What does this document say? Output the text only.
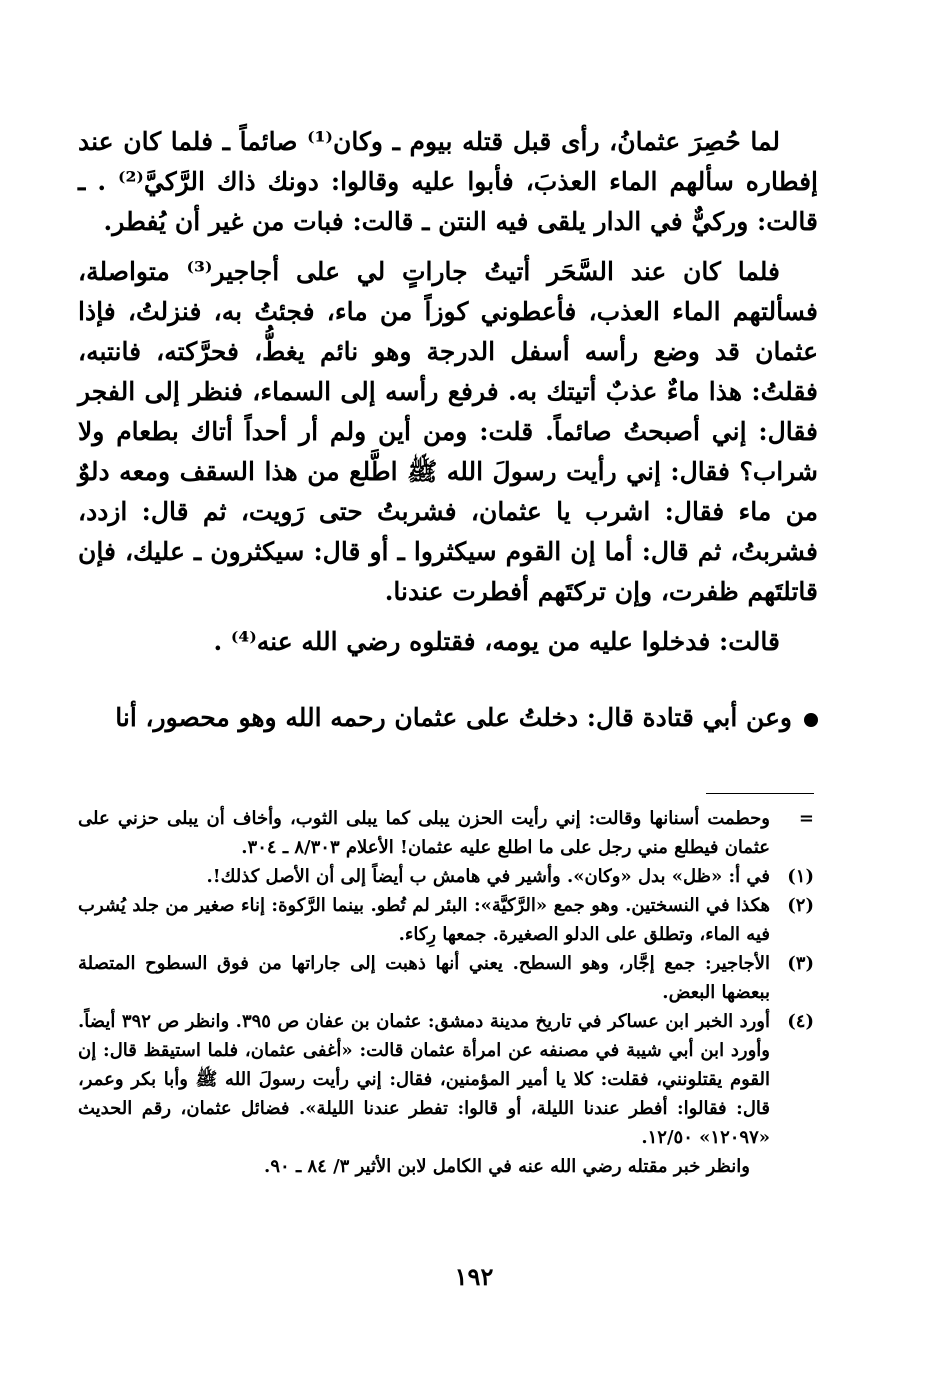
لما حُصِرَ عثمانُ، رأى قبل قتله بيوم ـ وكان⁽¹⁾ صائماً ـ فلما كان عند إفطاره سألهم الماء العذبَ، فأبوا عليه وقالوا: دونك ذاك الرَّكيَّ⁽²⁾ . ـ قالت: وركيٌّ في الدار يلقى فيه النتن ـ قالت: فبات من غير أن يُفطر.

فلما كان عند السَّحَر أتيتُ جاراتٍ لي على أجاجير⁽³⁾ متواصلة، فسألتهم الماء العذب، فأعطوني كوزاً من ماء، فجئتُ به، فنزلتُ، فإذا عثمان قد وضع رأسه أسفل الدرجة وهو نائم يغطُّ، فحرَّكته، فانتبه، فقلتُ: هذا ماءٌ عذبٌ أتيتك به. فرفع رأسه إلى السماء، فنظر إلى الفجر فقال: إني أصبحتُ صائماً. قلت: ومن أين ولم أر أحداً أتاك بطعام ولا شراب؟ فقال: إني رأيت رسولَ الله ﷺ اطَّلع من هذا السقف ومعه دلوٌ من ماء فقال: اشرب يا عثمان، فشربتُ حتى رَويت، ثم قال: ازدد، فشربتُ، ثم قال: أما إن القوم سيكثروا ـ أو قال: سيكثرون ـ عليك، فإن قاتلتَهم ظفرت، وإن تركتَهم أفطرت عندنا.

قالت: فدخلوا عليه من يومه، فقتلوه رضي الله عنه⁽⁴⁾ .

وعن أبي قتادة قال: دخلتُ على عثمان رحمه الله وهو محصور، أنا

=
وحطمت أسنانها وقالت: إني رأيت الحزن يبلى كما يبلى الثوب، وأخاف أن يبلى حزني على عثمان فيطلع مني رجل على ما اطلع عليه عثمان! الأعلام ٨/٣٠٣ ـ ٣٠٤.
(١)
في أ: «ظل» بدل «وكان». وأشير في هامش ب أيضاً إلى أن الأصل كذلك!.
(٢)
هكذا في النسختين. وهو جمع «الرَّكيَّة»: البئر لم تُطو. بينما الرَّكوة: إناء صغير من جلد يُشرب فيه الماء، وتطلق على الدلو الصغيرة. جمعها رِكاء.
(٣)
الأجاجير: جمع إجَّار، وهو السطح. يعني أنها ذهبت إلى جاراتها من فوق السطوح المتصلة ببعضها البعض.
(٤)
أورد الخبر ابن عساكر في تاريخ مدينة دمشق: عثمان بن عفان ص ٣٩٥. وانظر ص ٣٩٢ أيضاً. وأورد ابن أبي شيبة في مصنفه عن امرأة عثمان قالت: «أغفى عثمان، فلما استيقظ قال: إن القوم يقتلونني، فقلت: كلا يا أمير المؤمنين، فقال: إني رأيت رسولَ الله ﷺ وأبا بكر وعمر، قال: فقالوا: أفطر عندنا الليلة، أو قالوا: تفطر عندنا الليلة». فضائل عثمان، رقم الحديث «١٢٠٩٧» ١٢/٥٠.
وانظر خبر مقتله رضي الله عنه في الكامل لابن الأثير ٣/ ٨٤ ـ ٩٠.
١٩٢
